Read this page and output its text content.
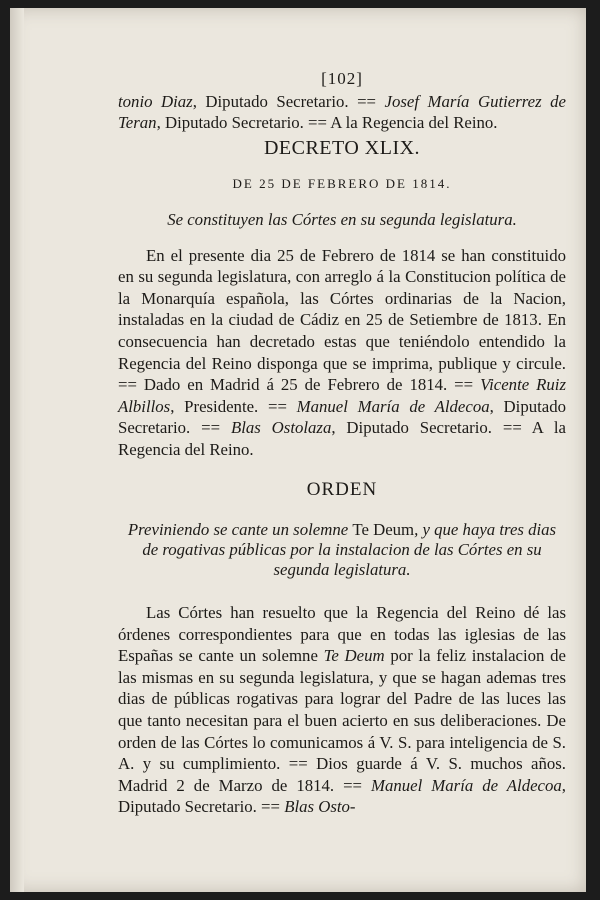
[102]

tonio Diaz, Diputado Secretario. == Josef María Gutierrez de Teran, Diputado Secretario. == A la Regencia del Reino.

DECRETO XLIX.
DE 25 DE FEBRERO DE 1814.
Se constituyen las Córtes en su segunda legislatura.

En el presente dia 25 de Febrero de 1814 se han constituido en su segunda legislatura, con arreglo á la Constitucion política de la Monarquía española, las Córtes ordinarias de la Nacion, instaladas en la ciudad de Cádiz en 25 de Setiembre de 1813. En consecuencia han decretado estas que teniéndolo entendido la Regencia del Reino disponga que se imprima, publique y circule. == Dado en Madrid á 25 de Febrero de 1814. == Vicente Ruiz Albillos, Presidente. == Manuel María de Aldecoa, Diputado Secretario. == Blas Ostolaza, Diputado Secretario. == A la Regencia del Reino.

ORDEN
Previniendo se cante un solemne Te Deum, y que haya tres dias de rogativas públicas por la instalacion de las Córtes en su segunda legislatura.

Las Córtes han resuelto que la Regencia del Reino dé las órdenes correspondientes para que en todas las iglesias de las Españas se cante un solemne Te Deum por la feliz instalacion de las mismas en su segunda legislatura, y que se hagan ademas tres dias de públicas rogativas para lograr del Padre de las luces las que tanto necesitan para el buen acierto en sus deliberaciones. De orden de las Córtes lo comunicamos á V. S. para inteligencia de S. A. y su cumplimiento. == Dios guarde á V. S. muchos años. Madrid 2 de Marzo de 1814. == Manuel María de Aldecoa, Diputado Secretario. == Blas Osto-
